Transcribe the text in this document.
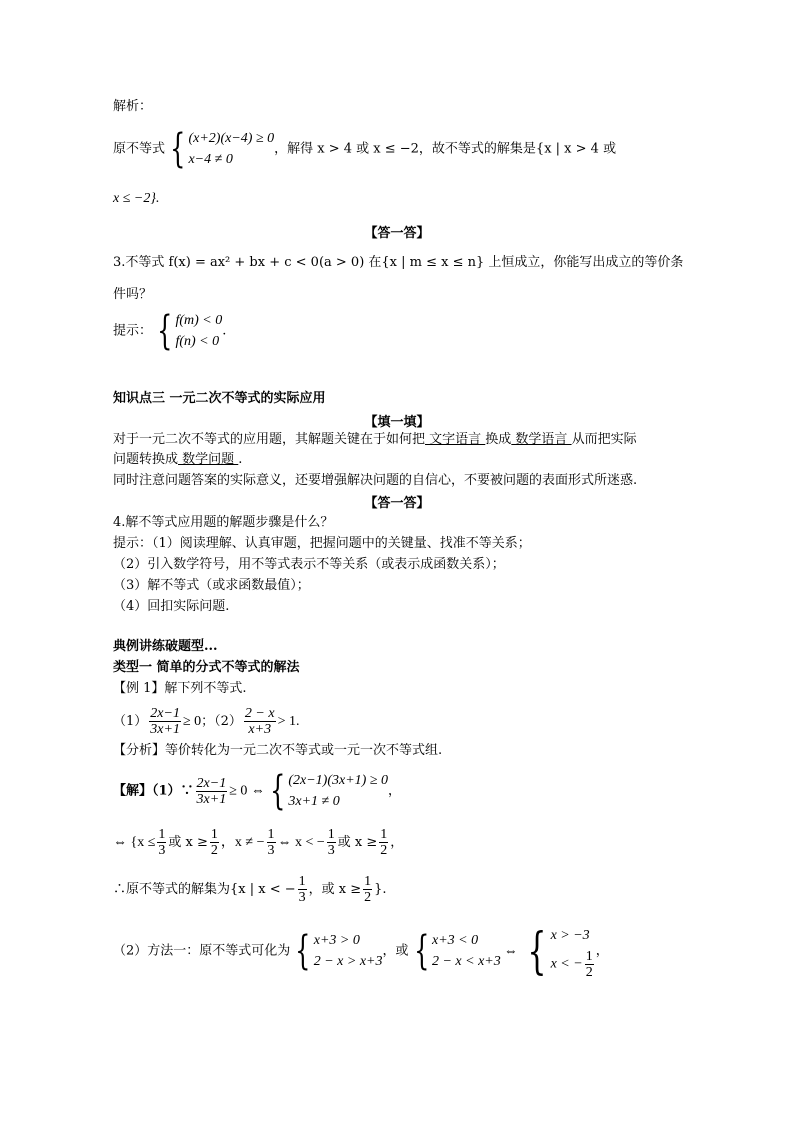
解析：
原不等式 { (x+2)(x−4) ≥ 0
x−4 ≠ 0
，解得 x > 4 或 x ≤ −2，故不等式的解集是{x | x > 4 或
x ≤ −2}.
【答一答】
3.不等式 f(x) = ax² + bx + c < 0(a > 0) 在{x | m ≤ x ≤ n} 上恒成立，你能写出成立的等价条
件吗？
提示： { f(m) < 0
f(n) < 0
.
知识点三 一元二次不等式的实际应用
【填一填】
对于一元二次不等式的应用题，其解题关键在于如何把 文字语言 换成 数学语言 从而把实际
问题转换成 数学问题 .
同时注意问题答案的实际意义，还要增强解决问题的自信心，不要被问题的表面形式所迷惑.
【答一答】
4.解不等式应用题的解题步骤是什么？
提示：（1）阅读理解、认真审题，把握问题中的关键量、找准不等关系；
（2）引入数学符号，用不等式表示不等关系（或表示成函数关系）；
（3）解不等式（或求函数最值）；
（4）回扣实际问题.
典例讲练破题型...
类型一 简单的分式不等式的解法
【例 1】解下列不等式.
$(1) \frac{2x-1}{3x+1} \ge 0$；$(2) \frac{2 - x}{x+3} > 1$.
【分析】等价转化为一元二次不等式或一元一次不等式组.
【解】（1）∵ $\frac{2x-1}{3x+1} \ge 0$ ⇔ { (2x−1)(3x+1) ≥ 0
3x+1 ≠ 0
，
⇔ {$x \le \frac{1}{3}$ 或 $x \ge \frac{1}{2}$ ，x ≠ − $\frac{1}{3}$ ⇔ x < − $\frac{1}{3}$ 或 $x \ge \frac{1}{2}$ ，
∴原不等式的解集为{x | x < − $\frac{1}{3}$ ，或 $x \ge \frac{1}{2}$ }.
（2）方法一：原不等式可化为 { x+3 > 0
2 − x > x+3
，或 { x+3 < 0
2 − x < x+3
⇔ { x > −3
x < − $\frac{1}{2}$ ，
